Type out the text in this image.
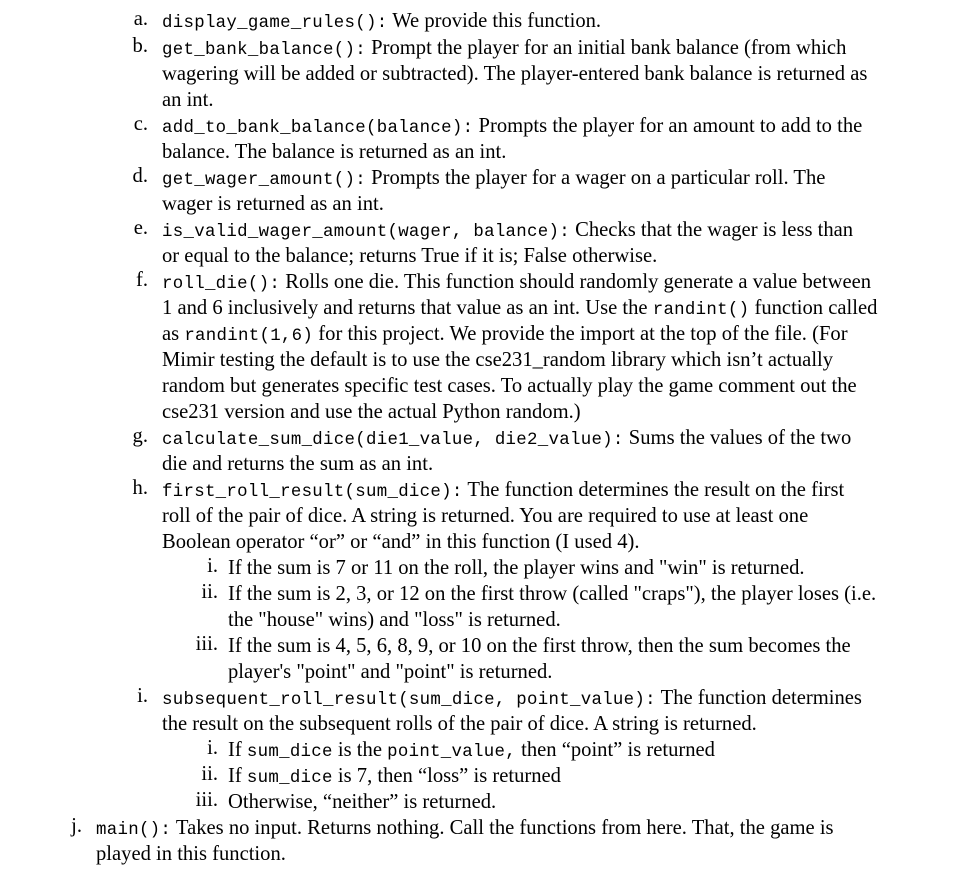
a. display_game_rules(): We provide this function.
b. get_bank_balance(): Prompt the player for an initial bank balance (from which
wagering will be added or subtracted). The player-entered bank balance is returned as
an int.
c. add_to_bank_balance(balance): Prompts the player for an amount to add to the
balance. The balance is returned as an int.
d. get_wager_amount(): Prompts the player for a wager on a particular roll. The
wager is returned as an int.
e. is_valid_wager_amount(wager, balance): Checks that the wager is less than
or equal to the balance; returns True if it is; False otherwise.
f. roll_die(): Rolls one die. This function should randomly generate a value between
1 and 6 inclusively and returns that value as an int. Use the randint() function called
as randint(1,6) for this project. We provide the import at the top of the file. (For
Mimir testing the default is to use the cse231_random library which isn’t actually
random but generates specific test cases. To actually play the game comment out the
cse231 version and use the actual Python random.)
g. calculate_sum_dice(die1_value, die2_value): Sums the values of the two
die and returns the sum as an int.
h. first_roll_result(sum_dice): The function determines the result on the first
roll of the pair of dice. A string is returned. You are required to use at least one
Boolean operator “or” or “and” in this function (I used 4).
i. If the sum is 7 or 11 on the roll, the player wins and "win" is returned.
ii. If the sum is 2, 3, or 12 on the first throw (called "craps"), the player loses (i.e.
the "house" wins) and "loss" is returned.
iii. If the sum is 4, 5, 6, 8, 9, or 10 on the first throw, then the sum becomes the
player's "point" and "point" is returned.
i. subsequent_roll_result(sum_dice, point_value): The function determines
the result on the subsequent rolls of the pair of dice. A string is returned.
i. If sum_dice is the point_value, then “point” is returned
ii. If sum_dice is 7, then “loss” is returned
iii. Otherwise, “neither” is returned.
j. main(): Takes no input. Returns nothing. Call the functions from here. That, the game is
played in this function.
